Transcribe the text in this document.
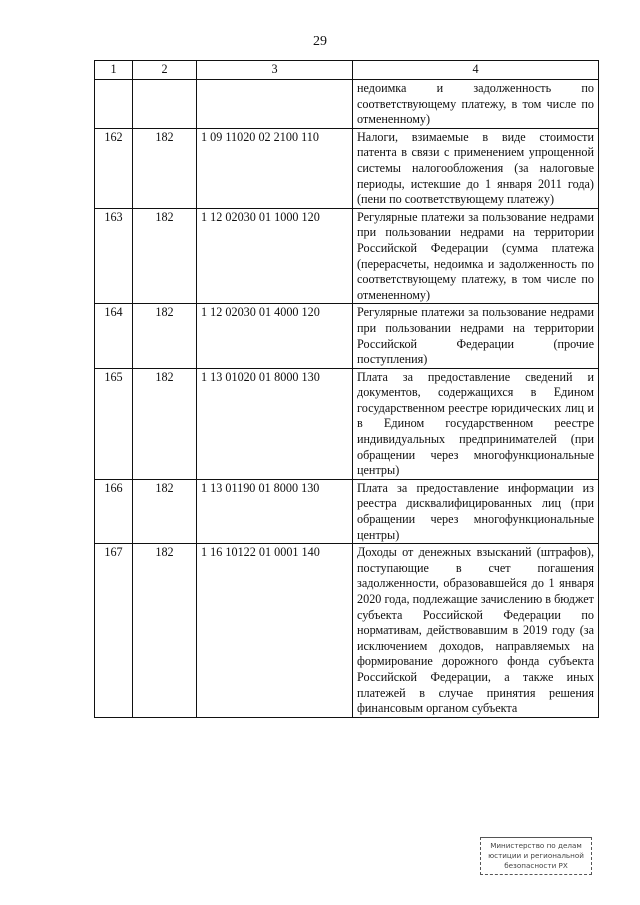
29
1	2	3	4
			недоимка и задолженность по соответствующему платежу, в том числе по отмененному)
162	182	1 09 11020 02 2100 110	Налоги, взимаемые в виде стоимости патента в связи с применением упрощенной системы налогообложения (за налоговые периоды, истекшие до 1 января 2011 года) (пени по соответствующему платежу)
163	182	1 12 02030 01 1000 120	Регулярные платежи за пользование недрами при пользовании недрами на территории Российской Федерации (сумма платежа (перерасчеты, недоимка и задолженность по соответствующему платежу, в том числе по отмененному)
164	182	1 12 02030 01 4000 120	Регулярные платежи за пользование недрами при пользовании недрами на территории Российской Федерации (прочие поступления)
165	182	1 13 01020 01 8000 130	Плата за предоставление сведений и документов, содержащихся в Едином государственном реестре юридических лиц и в Едином государственном реестре индивидуальных предпринимателей (при обращении через многофункциональные центры)
166	182	1 13 01190 01 8000 130	Плата за предоставление информации из реестра дисквалифицированных лиц (при обращении через многофункциональные центры)
167	182	1 16 10122 01 0001 140	Доходы от денежных взысканий (штрафов), поступающие в счет погашения задолженности, образовавшейся до 1 января 2020 года, подлежащие зачислению в бюджет субъекта Российской Федерации по нормативам, действовавшим в 2019 году (за исключением доходов, направляемых на формирование дорожного фонда субъекта Российской Федерации, а также иных платежей в случае принятия решения финансовым органом субъекта
Министерство по делам
юстиции и региональной
безопасности РХ
